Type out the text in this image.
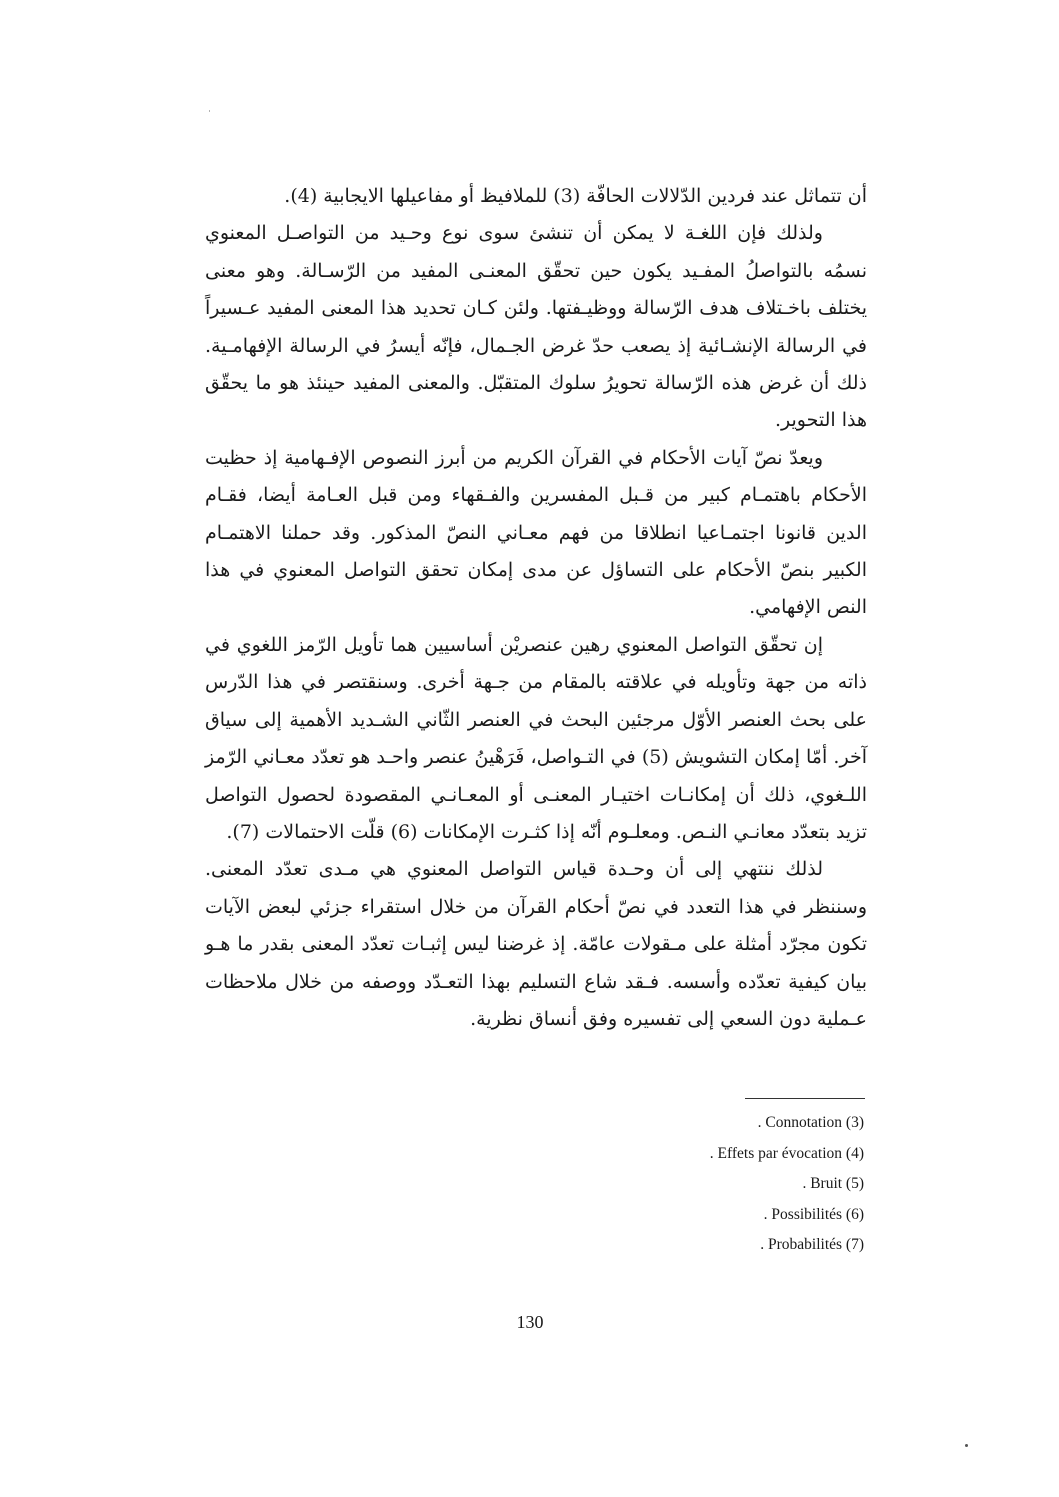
أن تتماثل عند فردين الدّلالات الحافّة (3) للملافيظ أو مفاعيلها الايجابية (4).

ولذلك فإن اللغـة لا يمكن أن تنشئ سوى نوع وحـيد من التواصـل المعنوي نسمُه بالتواصلُ المفـيد يكون حين تحقّق المعنـى المفيد من الرّسـالة. وهو معنى يختلف باخـتلاف هدف الرّسالة ووظيـفتها. ولئن كـان تحديد هذا المعنى المفيد عـسيراً في الرسالة الإنشـائية إذ يصعب حدّ غرض الجـمال، فإنّه أيسرُ في الرسالة الإفهامـية. ذلك أن غرض هذه الرّسالة تحويرُ سلوك المتقبّل. والمعنى المفيد حينئذ هو ما يحقّق هذا التحوير.

ويعدّ نصّ آيات الأحكام في القرآن الكريم من أبرز النصوص الإفـهامية إذ حظيت الأحكام باهتمـام كبير من قـبل المفسرين والفـقهاء ومن قبل العـامة أيضا، فقـام الدين قانونا اجتمـاعيا انطلاقا من فهم معـاني النصّ المذكور. وقد حملنا الاهتمـام الكبير بنصّ الأحكام على التساؤل عن مدى إمكان تحقق التواصل المعنوي في هذا النص الإفهامي.

إن تحقّق التواصل المعنوي رهين عنصريْن أساسيين هما تأويل الرّمز اللغوي في ذاته من جهة وتأويله في علاقته بالمقام من جـهة أخرى. وسنقتصر في هذا الدّرس على بحث العنصر الأوّل مرجئين البحث في العنصر الثّاني الشـديد الأهمية إلى سياق آخر. أمّا إمكان التشويش (5) في التـواصل، فَرَهْينُ عنصر واحـد هو تعدّد معـاني الرّمز اللـغوي، ذلك أن إمكانـات اختيـار المعنـى أو المعـانـي المقصودة لحصول التواصل تزيد بتعدّد معانـي النـص. ومعلـوم أنّه إذا كثـرت الإمكانات (6) قلّت الاحتمالات (7).

لذلك ننتهي إلى أن وحـدة قياس التواصل المعنوي هي مـدى تعدّد المعنى. وسننظر في هذا التعدد في نصّ أحكام القرآن من خلال استقراء جزئي لبعض الآيات تكون مجرّد أمثلة على مـقولات عامّة. إذ غرضنا ليس إثبـات تعدّد المعنى بقدر ما هـو بيان كيفية تعدّده وأسسه. فـقد شاع التسليم بهذا التعـدّد ووصفه من خلال ملاحظات عـملية دون السعي إلى تفسيره وفق أنساق نظرية.

. Connotation (3)
. Effets par évocation (4)
. Bruit (5)
. Possibilités (6)
. Probabilités (7)
130
